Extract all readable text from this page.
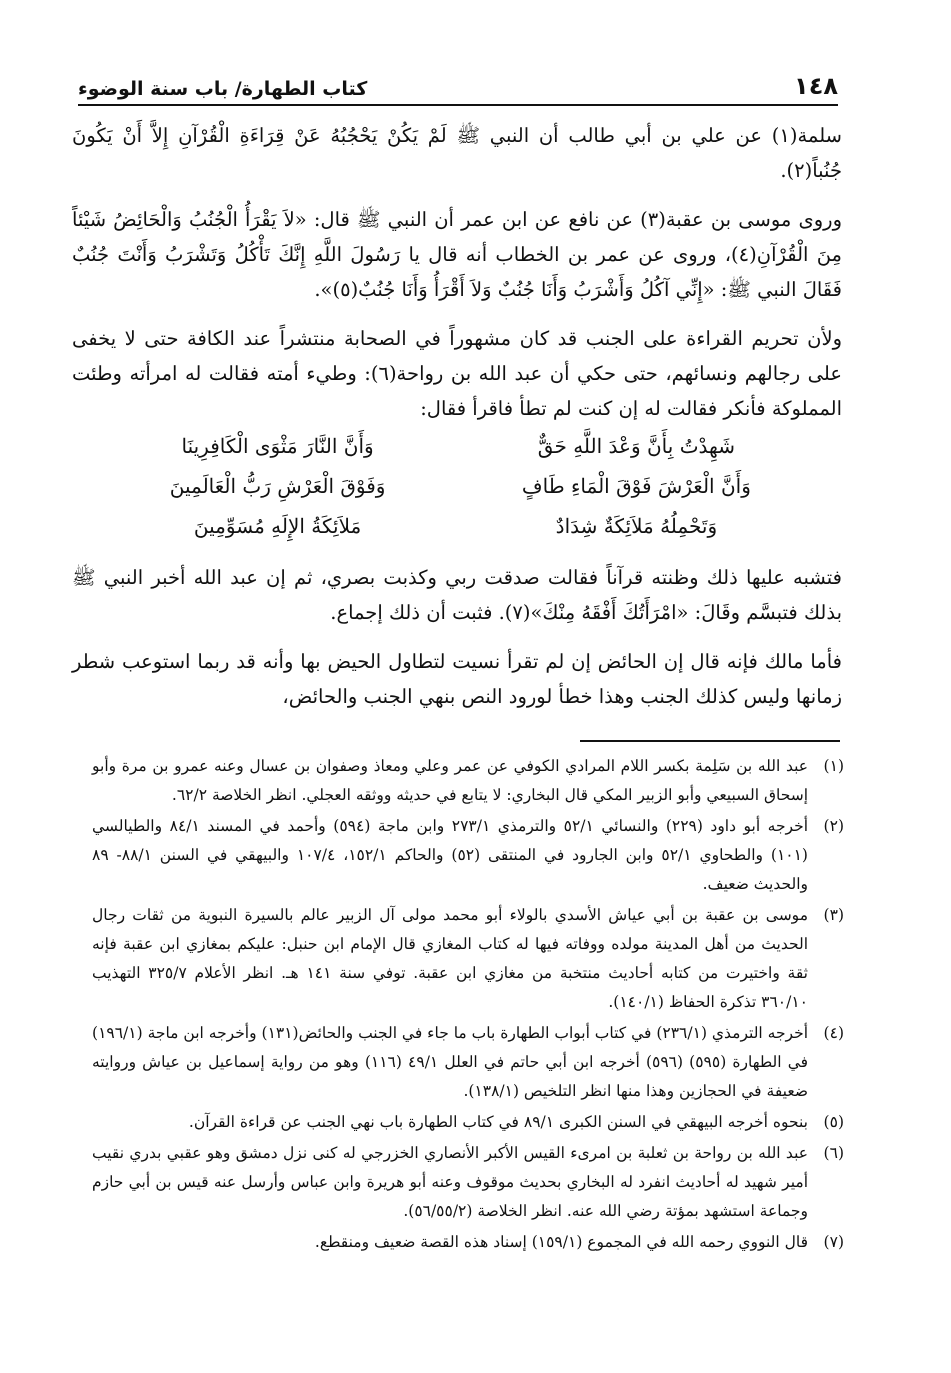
١٤٨
كتاب الطهارة/ باب سنة الوضوء

سلمة(١) عن علي بن أبي طالب أن النبي ﷺ لَمْ يَكُنْ يَحْجُبُهُ عَنْ قِرَاءَةِ الْقُرْآنِ إِلاَّ أَنْ يَكُونَ جُنُباً(٢).

وروى موسى بن عقبة(٣) عن نافع عن ابن عمر أن النبي ﷺ قال: «لاَ يَقْرَأُ الْجُنُبُ وَالْحَائِضُ شَيْئاً مِنَ الْقُرْآنِ(٤)، وروى عن عمر بن الخطاب أنه قال يا رَسُولَ اللَّهِ إِنَّكَ تَأْكُلُ وَتَشْرَبُ وَأَنْتَ جُنُبٌ فَقَالَ النبي ﷺ: «إِنِّي آكُلُ وَأَشْرَبُ وَأَنَا جُنُبٌ وَلاَ أَقْرَأُ وَأَنَا جُنُبٌ(٥)».

ولأن تحريم القراءة على الجنب قد كان مشهوراً في الصحابة منتشراً عند الكافة حتى لا يخفى على رجالهم ونسائهم، حتى حكي أن عبد الله بن رواحة(٦): وطيء أمته فقالت له امرأته وطئت المملوكة فأنكر فقالت له إن كنت لم تطأ فاقرأ فقال:

شَهِدْتُ بِأَنَّ وَعْدَ اللَّهِ حَقٌّ
وَأَنَّ النَّارَ مَثْوَى الْكَافِرِينَا
وَأَنَّ الْعَرْشَ فَوْقَ الْمَاءِ طَافٍ
وَفَوْقَ الْعَرْشِ رَبُّ الْعَالَمِينَ
وَتَحْمِلُهُ مَلاَئِكَةٌ شِدَادٌ
مَلاَئِكَةُ الإِلَهِ مُسَوِّمِينَ

فتشبه عليها ذلك وظنته قرآناً فقالت صدقت ربي وكذبت بصري، ثم إن عبد الله أخبر النبي ﷺ بذلك فتبسَّم وقَالَ: «امْرَأَتُكَ أَفْقَهُ مِنْكَ»(٧). فثبت أن ذلك إجماع.

فأما مالك فإنه قال إن الحائض إن لم تقرأ نسيت لتطاول الحيض بها وأنه قد ربما استوعب شطر زمانها وليس كذلك الجنب وهذا خطأ لورود النص بنهي الجنب والحائض،

(١)
عبد الله بن سَلِمة بكسر اللام المرادي الكوفي عن عمر وعلي ومعاذ وصفوان بن عسال وعنه عمرو بن مرة وأبو إسحاق السبيعي وأبو الزبير المكي قال البخاري: لا يتابع في حديثه ووثقه العجلي. انظر الخلاصة ٦٢/٢.
(٢)
أخرجه أبو داود (٢٢٩) والنسائي ٥٢/١ والترمذي ٢٧٣/١ وابن ماجة (٥٩٤) وأحمد في المسند ٨٤/١ والطيالسي (١٠١) والطحاوي ٥٢/١ وابن الجارود في المنتقى (٥٢) والحاكم ١٥٢/١، ١٠٧/٤ والبيهقي في السنن ٨٨/١- ٨٩ والحديث ضعيف.
(٣)
موسى بن عقبة بن أبي عياش الأسدي بالولاء أبو محمد مولى آل الزبير عالم بالسيرة النبوية من ثقات رجال الحديث من أهل المدينة مولده ووفاته فيها له كتاب المغازي قال الإمام ابن حنبل: عليكم بمغازي ابن عقبة فإنه ثقة واختيرت من كتابه أحاديث منتخبة من مغازي ابن عقبة. توفي سنة ١٤١ هـ. انظر الأعلام ٣٢٥/٧ التهذيب ٣٦٠/١٠ تذكرة الحفاظ (١٤٠/١).
(٤)
أخرجه الترمذي (٢٣٦/١) في كتاب أبواب الطهارة باب ما جاء في الجنب والحائض(١٣١) وأخرجه ابن ماجة (١٩٦/١) في الطهارة (٥٩٥) (٥٩٦) أخرجه ابن أبي حاتم في العلل ٤٩/١ (١١٦) وهو من رواية إسماعيل بن عياش وروايته ضعيفة في الحجازين وهذا منها انظر التلخيص (١٣٨/١).
(٥)
بنحوه أخرجه البيهقي في السنن الكبرى ٨٩/١ في كتاب الطهارة باب نهي الجنب عن قراءة القرآن.
(٦)
عبد الله بن رواحة بن ثعلبة بن امرىء القيس الأكبر الأنصاري الخزرجي له كنى نزل دمشق وهو عقبي بدري نقيب أمير شهيد له أحاديث انفرد له البخاري بحديث موقوف وعنه أبو هريرة وابن عباس وأرسل عنه قيس بن أبي حازم وجماعة استشهد بمؤتة رضي الله عنه. انظر الخلاصة (٥٦/٥٥/٢).
(٧)
قال النووي رحمه الله في المجموع (١٥٩/١) إسناد هذه القصة ضعيف ومنقطع.
